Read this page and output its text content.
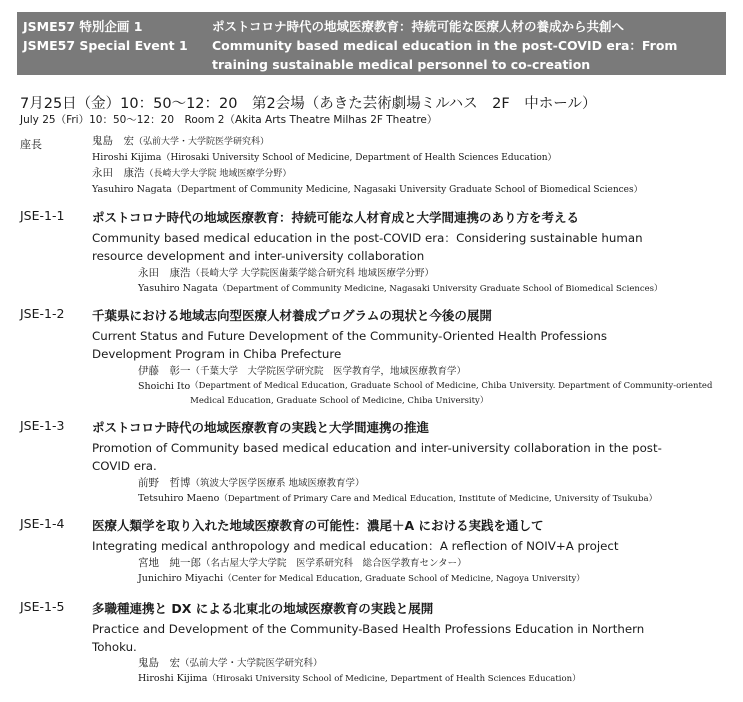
JSME57 特別企画 1
JSME57 Special Event 1
ポストコロナ時代の地域医療教育：持続可能な医療人材の養成から共創へ
Community based medical education in the post-COVID era：From training sustainable medical personnel to co-creation
7月25日（金）10：50～12：20　第2会場（あきた芸術劇場ミルハス　2F　中ホール）
July 25（Fri）10：50～12：20　Room 2（Akita Arts Theatre Milhas 2F Theatre）
座長	鬼島　宏（弘前大学・大学院医学研究科）
Hiroshi Kijima（Hirosaki University School of Medicine, Department of Health Sciences Education）
永田　康浩（長崎大学大学院 地域医療学分野）
Yasuhiro Nagata（Department of Community Medicine, Nagasaki University Graduate School of Biomedical Sciences）
JSE-1-1 ポストコロナ時代の地域医療教育：持続可能な人材育成と大学間連携のあり方を考える
Community based medical education in the post-COVID era：Considering sustainable human resource development and inter-university collaboration
永田　康浩（長崎大学 大学院医歯薬学総合研究科 地域医療学分野）
Yasuhiro Nagata（Department of Community Medicine, Nagasaki University Graduate School of Biomedical Sciences）
JSE-1-2 千葉県における地域志向型医療人材養成プログラムの現状と今後の展開
Current Status and Future Development of the Community-Oriented Health Professions Development Program in Chiba Prefecture
伊藤　彰一（千葉大学　大学院医学研究院　医学教育学，地域医療教育学）
Shoichi Ito（Department of Medical Education, Graduate School of Medicine, Chiba University. Department of Community-oriented Medical Education, Graduate School of Medicine, Chiba University）
JSE-1-3 ポストコロナ時代の地域医療教育の実践と大学間連携の推進
Promotion of Community based medical education and inter-university collaboration in the post-COVID era.
前野　哲博（筑波大学医学医療系 地域医療教育学）
Tetsuhiro Maeno（Department of Primary Care and Medical Education, Institute of Medicine, University of Tsukuba）
JSE-1-4 医療人類学を取り入れた地域医療教育の可能性：濃尾＋A における実践を通して
Integrating medical anthropology and medical education：A reflection of NOIV+A project
宮地　純一郎（名古屋大学大学院　医学系研究科　総合医学教育センター）
Junichiro Miyachi（Center for Medical Education, Graduate School of Medicine, Nagoya University）
JSE-1-5 多職種連携と DX による北東北の地域医療教育の実践と展開
Practice and Development of the Community-Based Health Professions Education in Northern Tohoku.
鬼島　宏（弘前大学・大学院医学研究科）
Hiroshi Kijima（Hirosaki University School of Medicine, Department of Health Sciences Education）
